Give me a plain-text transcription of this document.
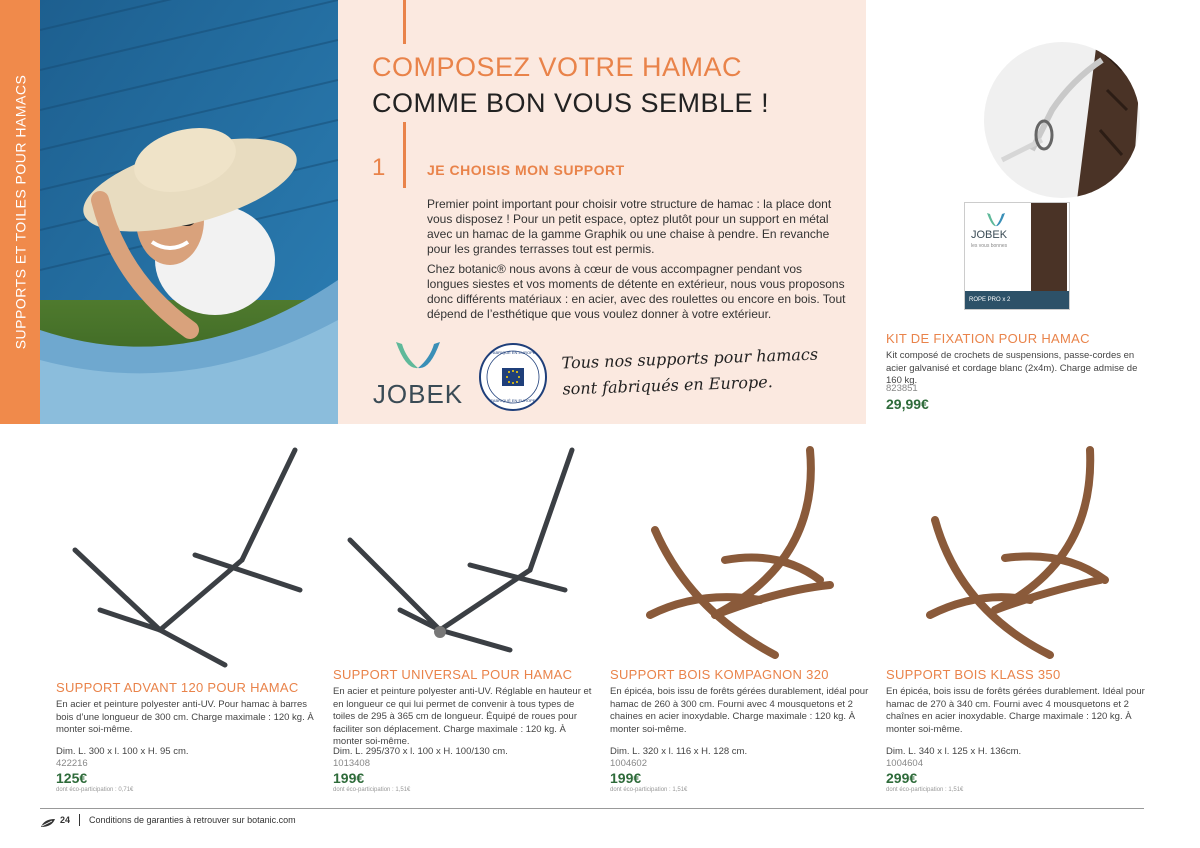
SUPPORTS ET TOILES POUR HAMACS
COMPOSEZ VOTRE HAMAC
COMME BON VOUS SEMBLE !
1	JE CHOISIS MON SUPPORT
Premier point important pour choisir votre structure de hamac : la place dont vous disposez ! Pour un petit espace, optez plutôt pour un support en métal avec un hamac de la gamme Graphik ou une chaise à pendre. En revanche pour les grandes terrasses tout est permis.
Chez botanic® nous avons à cœur de vous accompagner pendant vos longues siestes et vos moments de détente en extérieur, nous vous proposons donc différents matériaux : en acier, avec des roulettes ou encore en bois. Tout dépend de l’esthétique que vous voulez donner à votre extérieur.
JOBEK
FABRIQUÉ EN EUROPE
FABRIQUÉ EN EUROPE
Tous nos supports pour hamacs
sont fabriqués en Europe.
JOBEK
les vous bonnes
ROPE PRO x 2
KIT DE FIXATION POUR HAMAC
Kit composé de crochets de suspensions, passe-cordes en acier galvanisé et cordage blanc (2x4m). Charge admise de 160 kg.
823851
29,99€
SUPPORT ADVANT 120 POUR HAMAC
En acier et peinture polyester anti-UV. Pour hamac à barres bois d’une longueur de 300 cm. Charge maximale : 120 kg. À monter soi-même.
Dim. L. 300 x l. 100 x H. 95 cm.
422216
125€
dont éco-participation : 0,71€
SUPPORT UNIVERSAL POUR HAMAC
En acier et peinture polyester anti-UV. Réglable en hauteur et en longueur ce qui lui permet de convenir à tous types de toiles de 295 à 365 cm de longueur. Équipé de roues pour faciliter son déplacement. Charge maximale : 120 kg. À monter soi-même.
Dim. L. 295/370 x l. 100 x H. 100/130 cm.
1013408
199€
dont éco-participation : 1,51€
SUPPORT BOIS KOMPAGNON 320
En épicéa, bois issu de forêts gérées durablement, idéal pour hamac de 260 à 300 cm. Fourni avec 4 mousquetons et 2 chaines en acier inoxydable. Charge maximale : 120 kg. À monter soi-même.
Dim. L. 320 x l. 116 x H. 128 cm.
1004602
199€
dont éco-participation : 1,51€
SUPPORT BOIS KLASS 350
En épicéa, bois issu de forêts gérées durablement. Idéal pour hamac de 270 à 340 cm. Fourni avec 4 mousquetons et 2 chaînes en acier inoxydable. Charge maximale : 120 kg. À monter soi-même.
Dim. L. 340 x l. 125 x H. 136cm.
1004604
299€
dont éco-participation : 1,51€
24 Conditions de garanties à retrouver sur botanic.com
